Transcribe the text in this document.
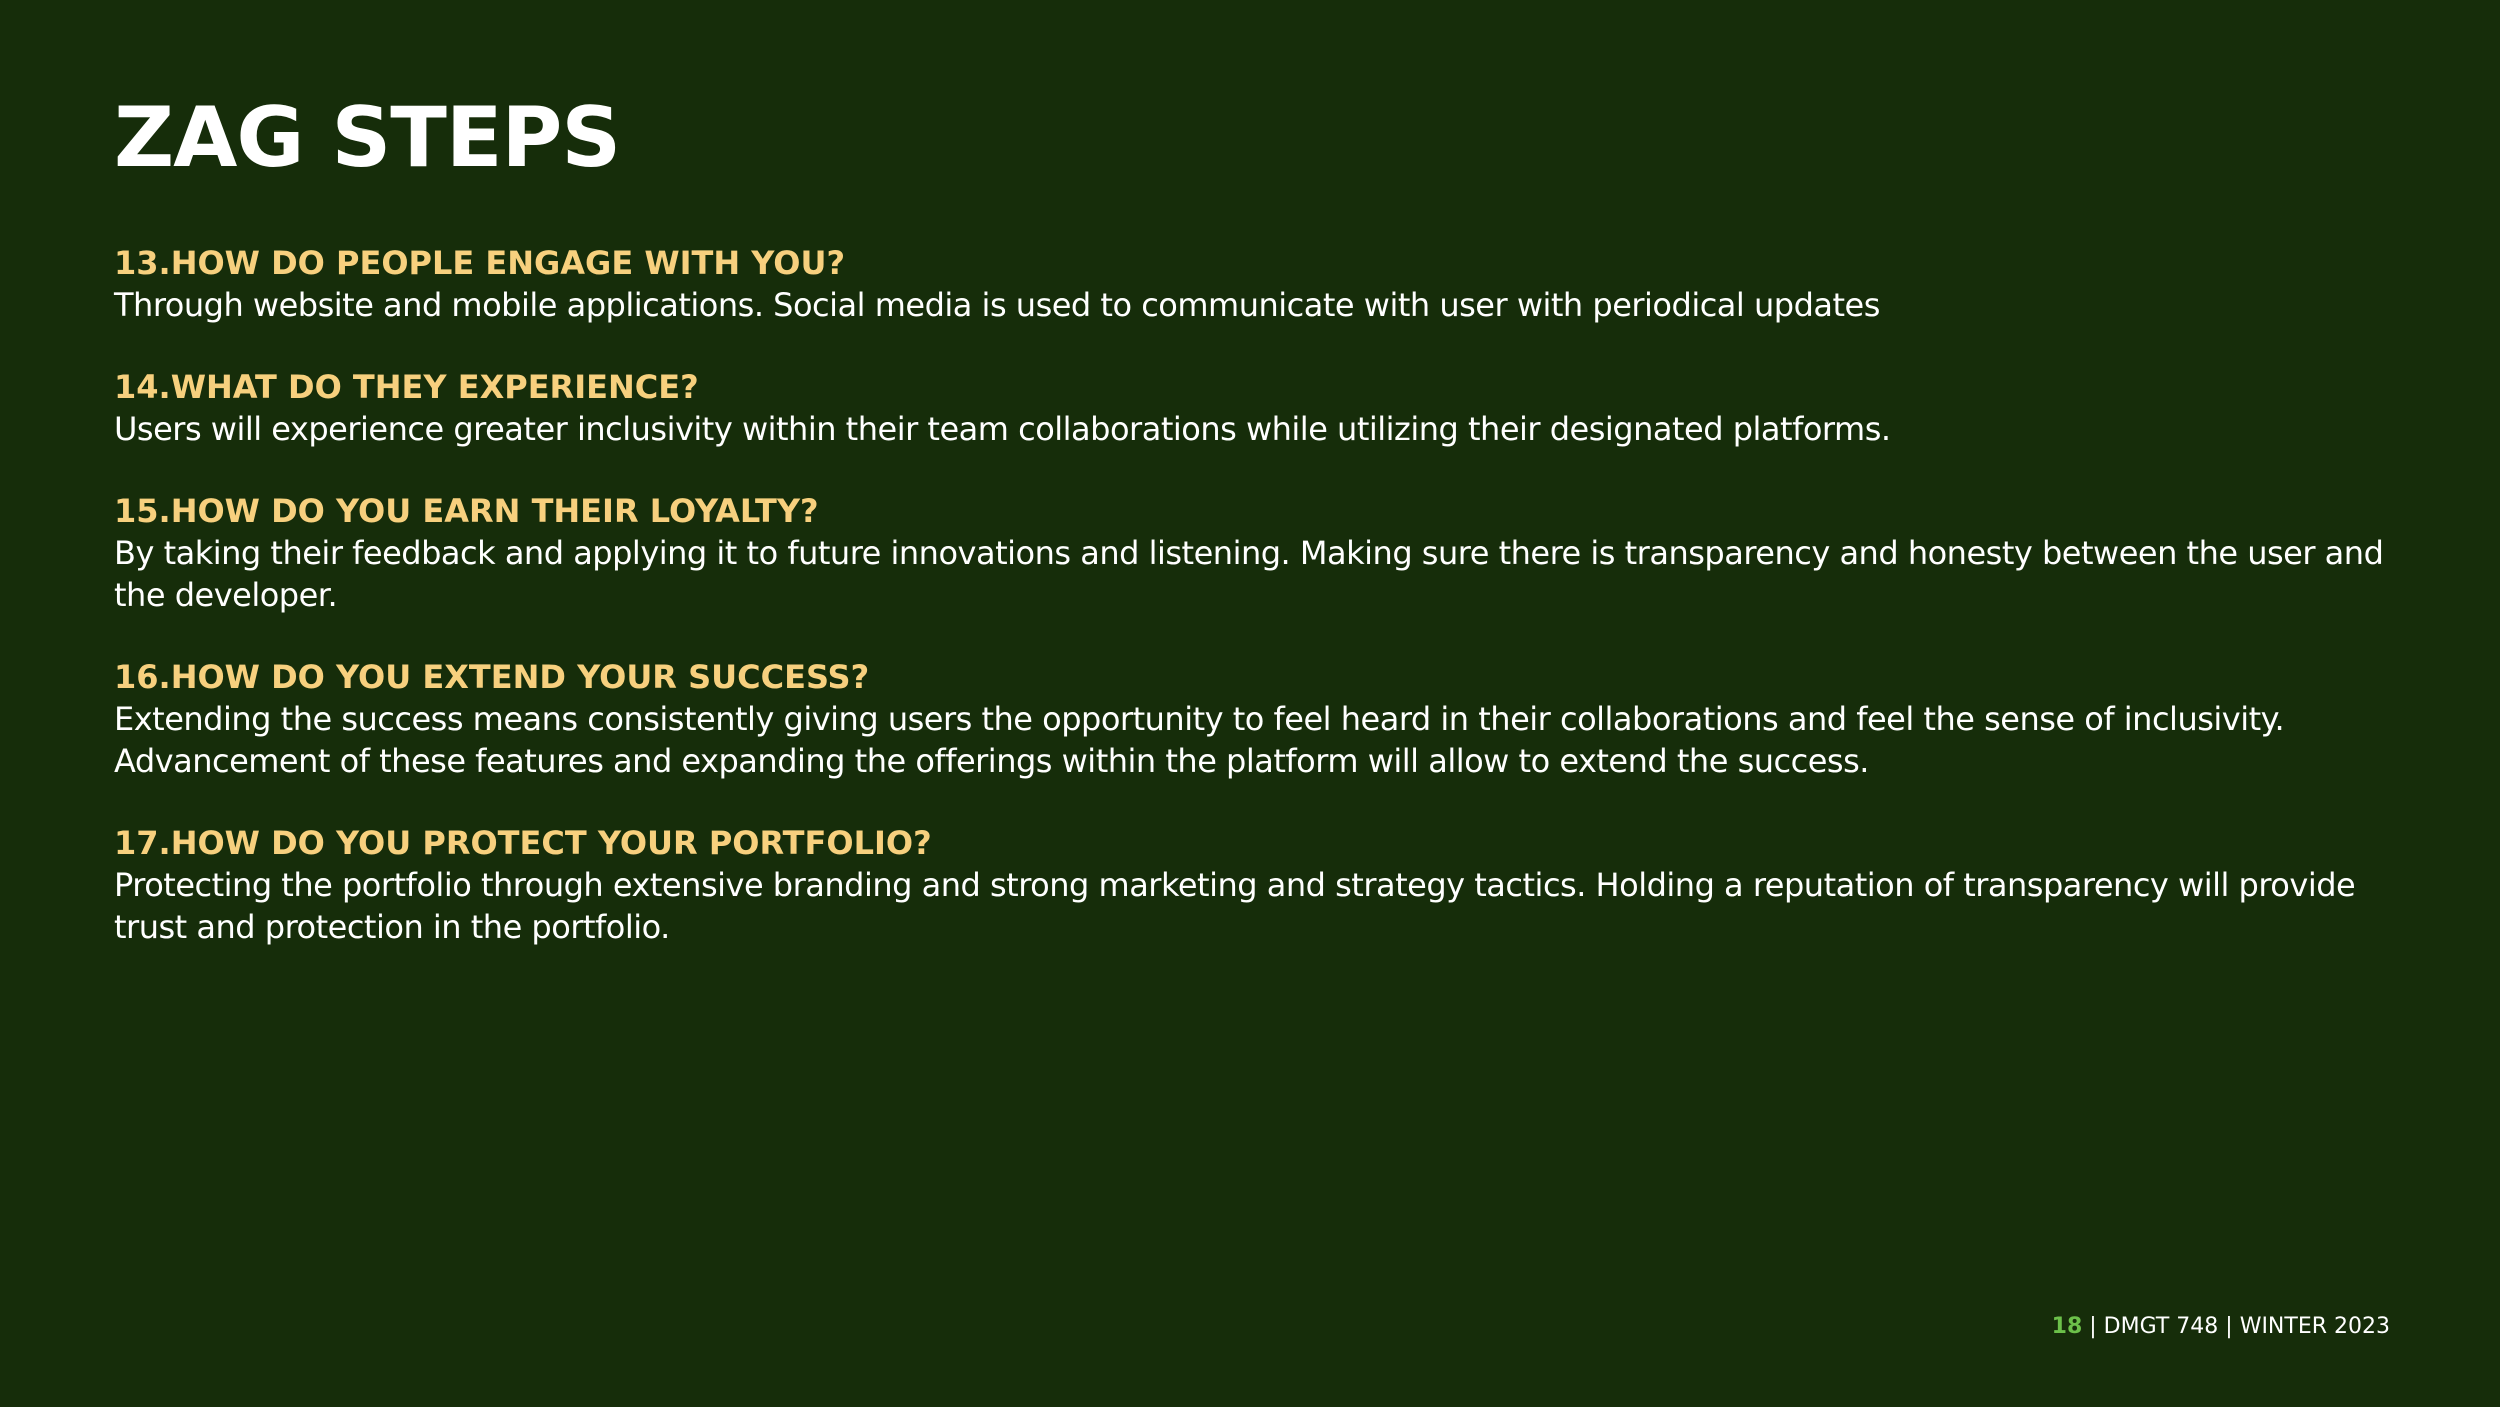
ZAG STEPS

13.HOW DO PEOPLE ENGAGE WITH YOU?

Through website and mobile applications. Social media is used to communicate with user with periodical updates

14.WHAT DO THEY EXPERIENCE?

Users will experience greater inclusivity within their team collaborations while utilizing their designated platforms.

15.HOW DO YOU EARN THEIR LOYALTY?

By taking their feedback and applying it to future innovations and listening. Making sure there is transparency and honesty between the user and the developer.

16.HOW DO YOU EXTEND YOUR SUCCESS?

Extending the success means consistently giving users the opportunity to feel heard in their collaborations and feel the sense of inclusivity. Advancement of these features and expanding the offerings within the platform will allow to extend the success.

17.HOW DO YOU PROTECT YOUR PORTFOLIO?

Protecting the portfolio through extensive branding and strong marketing and strategy tactics. Holding a reputation of transparency will provide trust and protection in the portfolio.

18 | DMGT 748 | WINTER 2023
